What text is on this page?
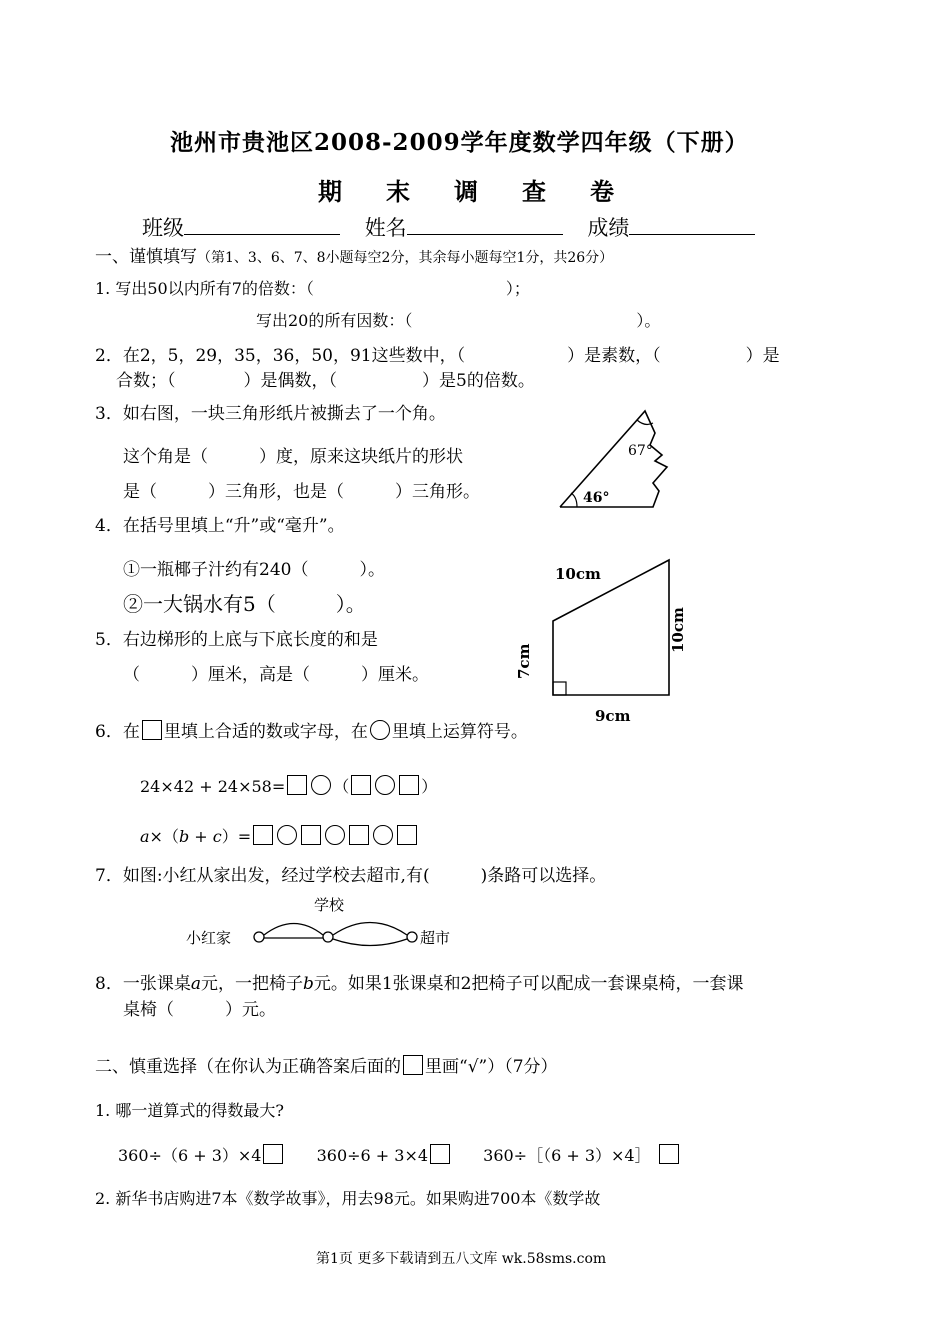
池州市贵池区2008-2009学年度数学四年级（下册）
期末调查卷
班级	姓名	成绩
一、谨慎填写（第1、3、6、7、8小题每空2分，其余每小题每空1分，共26分）
1. 写出50以内所有7的倍数：（　　　　　　　　　　　　）；
写出20的所有因数：（　　　　　　　　　　　　　　）。
2．在2，5，29，35，36，50，91这些数中，（　　　　　　）是素数，（　　　　　）是
合数；（　　　　）是偶数，（　　　　　）是5的倍数。
3．如右图，一块三角形纸片被撕去了一个角。
这个角是（　　　）度，原来这块纸片的形状
是（　　　）三角形，也是（　　　）三角形。
67°
46°
4．在括号里填上“升”或“毫升”。
①一瓶椰子汁约有240（　　　）。
②一大锅水有5（　　　）。
5．右边梯形的上底与下底长度的和是
（　　　）厘米，高是（　　　）厘米。
10cm
10cm
7cm
9cm
6．在 里填上合适的数或字母，在 里填上运算符号。
24×42 + 24×58=	（	）
a×（b + c）=
7．如图:小红从家出发，经过学校去超市,有(　　　)条路可以选择。
学校
小红家	超市
8．一张课桌a元，一把椅子b元。如果1张课桌和2把椅子可以配成一套课桌椅，一套课
桌椅（　　　）元。
二、慎重选择（在你认为正确答案后面的 里画“√”）（7分）
1. 哪一道算式的得数最大?
360÷（6 + 3）×4	360÷6 + 3×4	360÷［（6 + 3）×4］
2. 新华书店购进7本《数学故事》，用去98元。如果购进700本《数学故
第1页 更多下载请到五八文库 wk.58sms.com
